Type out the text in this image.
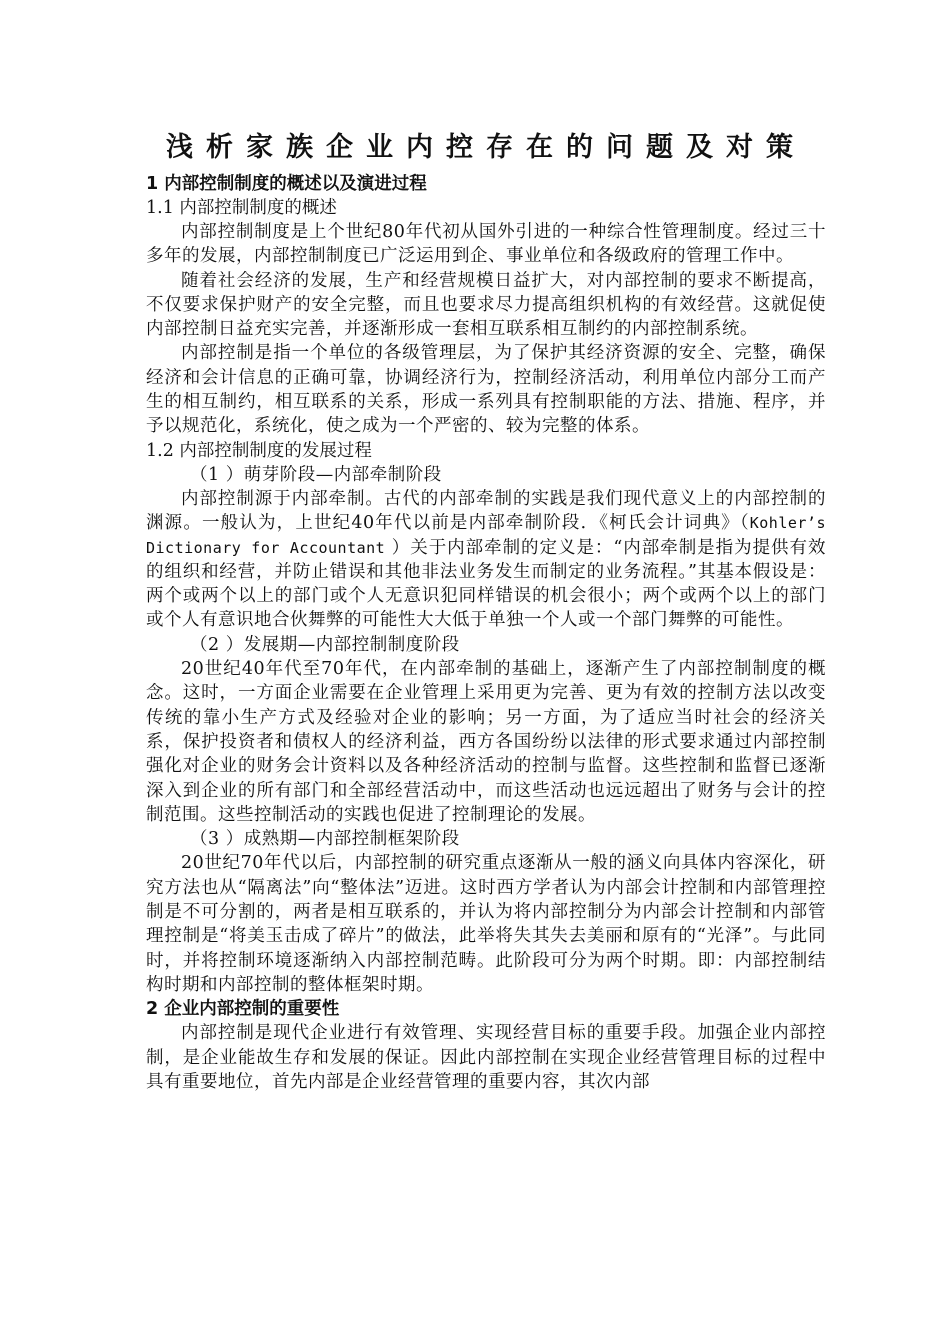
浅析家族企业内控存在的问题及对策
1 内部控制制度的概述以及演进过程
1.1 内部控制制度的概述

内部控制制度是上个世纪80年代初从国外引进的一种综合性管理制度。经过三十多年的发展，内部控制制度已广泛运用到企、事业单位和各级政府的管理工作中。

随着社会经济的发展，生产和经营规模日益扩大，对内部控制的要求不断提高，不仅要求保护财产的安全完整，而且也要求尽力提高组织机构的有效经营。这就促使内部控制日益充实完善，并逐渐形成一套相互联系相互制约的内部控制系统。

内部控制是指一个单位的各级管理层，为了保护其经济资源的安全、完整，确保经济和会计信息的正确可靠，协调经济行为，控制经济活动，利用单位内部分工而产生的相互制约，相互联系的关系，形成一系列具有控制职能的方法、措施、程序，并予以规范化，系统化，使之成为一个严密的、较为完整的体系。

1.2 内部控制制度的发展过程
（1 ）萌芽阶段—内部牵制阶段

内部控制源于内部牵制。古代的内部牵制的实践是我们现代意义上的内部控制的渊源。一般认为，上世纪40年代以前是内部牵制阶段．《柯氏会计词典》（Kohler’s Dictionary for Accountant ）关于内部牵制的定义是：“内部牵制是指为提供有效的组织和经营，并防止错误和其他非法业务发生而制定的业务流程。”其基本假设是：两个或两个以上的部门或个人无意识犯同样错误的机会很小；两个或两个以上的部门或个人有意识地合伙舞弊的可能性大大低于单独一个人或一个部门舞弊的可能性。

（2 ）发展期—内部控制制度阶段

20世纪40年代至70年代，在内部牵制的基础上，逐渐产生了内部控制制度的概念。这时，一方面企业需要在企业管理上采用更为完善、更为有效的控制方法以改变传统的靠小生产方式及经验对企业的影响；另一方面，为了适应当时社会的经济关系，保护投资者和债权人的经济利益，西方各国纷纷以法律的形式要求通过内部控制强化对企业的财务会计资料以及各种经济活动的控制与监督。这些控制和监督已逐渐深入到企业的所有部门和全部经营活动中，而这些活动也远远超出了财务与会计的控制范围。这些控制活动的实践也促进了控制理论的发展。

（3 ）成熟期—内部控制框架阶段

20世纪70年代以后，内部控制的研究重点逐渐从一般的涵义向具体内容深化，研究方法也从“隔离法”向“整体法”迈进。这时西方学者认为内部会计控制和内部管理控制是不可分割的，两者是相互联系的，并认为将内部控制分为内部会计控制和内部管理控制是“将美玉击成了碎片”的做法，此举将失其失去美丽和原有的“光泽”。与此同时，并将控制环境逐渐纳入内部控制范畴。此阶段可分为两个时期。即：内部控制结构时期和内部控制的整体框架时期。

2 企业内部控制的重要性

内部控制是现代企业进行有效管理、实现经营目标的重要手段。加强企业内部控制，是企业能故生存和发展的保证。因此内部控制在实现企业经营管理目标的过程中具有重要地位，首先内部是企业经营管理的重要内容，其次内部
